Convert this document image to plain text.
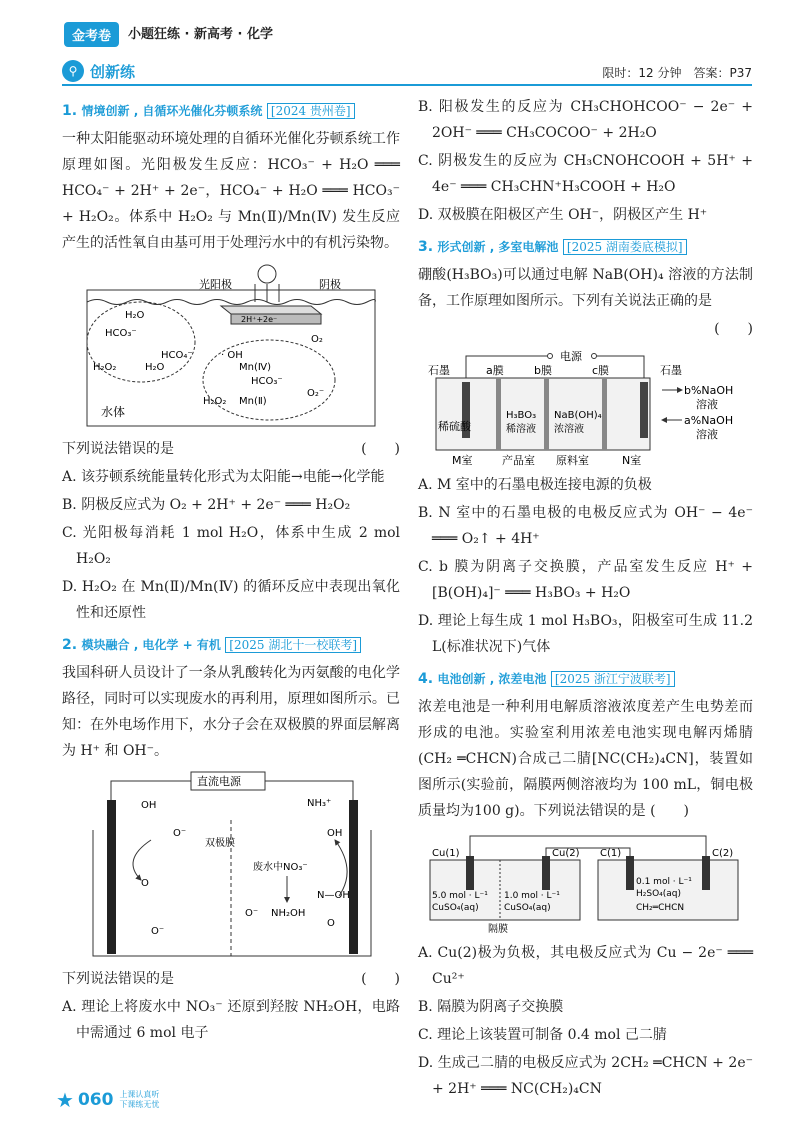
金考卷	小题狂练 · 新高考 · 化学
⚲ 创新练	限时：12 分钟　答案：P37
1. 情境创新 , 自循环光催化芬顿系统 [2024 贵州卷]

一种太阳能驱动环境处理的自循环光催化芬顿系统工作原理如图。光阳极发生反应：HCO₃⁻ + H₂O ═══ HCO₄⁻ + 2H⁺ + 2e⁻，HCO₄⁻ + H₂O ═══ HCO₃⁻ + H₂O₂。体系中 H₂O₂ 与 Mn(Ⅱ)/Mn(Ⅳ) 发生反应产生的活性氧自由基可用于处理污水中的有机污染物。

2H⁺+2e⁻
光阳极	阴极
H₂O
HCO₃⁻
HCO₄⁻
H₂O₂	H₂O
· OH
Mn(Ⅳ)
HCO₃⁻
H₂O₂ Mn(Ⅱ)
O₂
O₂⁻
水体
下列说法错误的是	(　　)

A. 该芬顿系统能量转化形式为太阳能→电能→化学能

B. 阴极反应式为 O₂ + 2H⁺ + 2e⁻ ═══ H₂O₂

C. 光阳极每消耗 1 mol H₂O，体系中生成 2 mol H₂O₂

D. H₂O₂ 在 Mn(Ⅱ)/Mn(Ⅳ) 的循环反应中表现出氧化性和还原性

2. 模块融合 , 电化学 + 有机 [2025 湖北十一校联考]

我国科研人员设计了一条从乳酸转化为丙氨酸的电化学路径，同时可以实现废水的再利用，原理如图所示。已知：在外电场作用下，水分子会在双极膜的界面层解离为 H⁺ 和 OH⁻。

直流电源
双极膜
废水中NO₃⁻
NH₂OH
OH
O⁻
NH₃⁺
OH
O
O⁻
O⁻
N—OH
O
下列说法错误的是	(　　)

A. 理论上将废水中 NO₃⁻ 还原到羟胺 NH₂OH，电路中需通过 6 mol 电子

B. 阳极发生的反应为 CH₃CHOHCOO⁻ − 2e⁻ + 2OH⁻ ═══ CH₃COCOO⁻ + 2H₂O

C. 阴极发生的反应为 CH₃CNOHCOOH + 5H⁺ + 4e⁻ ═══ CH₃CHN⁺H₃COOH + H₂O

D. 双极膜在阳极区产生 OH⁻，阴极区产生 H⁺

3. 形式创新 , 多室电解池 [2025 湖南娄底模拟]

硼酸(H₃BO₃)可以通过电解 NaB(OH)₄ 溶液的方法制备，工作原理如图所示。下列有关说法正确的是

(　　)
电源
石墨	石墨
a膜	b膜	c膜
稀硫酸
H₃BO₃
稀溶液
NaB(OH)₄
浓溶液
b%NaOH
溶液
a%NaOH
溶液
M室	产品室 原料室	N室

A. M 室中的石墨电极连接电源的负极

B. N 室中的石墨电极的电极反应式为 OH⁻ − 4e⁻ ═══ O₂↑ + 4H⁺

C. b 膜为阴离子交换膜，产品室发生反应 H⁺ + [B(OH)₄]⁻ ═══ H₃BO₃ + H₂O

D. 理论上每生成 1 mol H₃BO₃，阳极室可生成 11.2 L(标准状况下)气体

4. 电池创新 , 浓差电池 [2025 浙江宁波联考]

浓差电池是一种利用电解质溶液浓度差产生电势差而形成的电池。实验室利用浓差电池实现电解丙烯腈(CH₂ ═CHCN)合成己二腈[NC(CH₂)₄CN]，装置如图所示(实验前，隔膜两侧溶液均为 100 mL，铜电极质量均为100 g)。下列说法错误的是 (　　)

Cu(1)	Cu(2) C(1)	C(2)
5.0 mol · L⁻¹
CuSO₄(aq)
1.0 mol · L⁻¹
CuSO₄(aq)
0.1 mol · L⁻¹
H₂SO₄(aq)
CH₂═CHCN
隔膜

A. Cu(2)极为负极，其电极反应式为 Cu − 2e⁻ ═══ Cu²⁺

B. 隔膜为阴离子交换膜

C. 理论上该装置可制备 0.4 mol 己二腈

D. 生成己二腈的电极反应式为 2CH₂ ═CHCN + 2e⁻ + 2H⁺ ═══ NC(CH₂)₄CN

★ 060 上课认真听
下课练无忧
